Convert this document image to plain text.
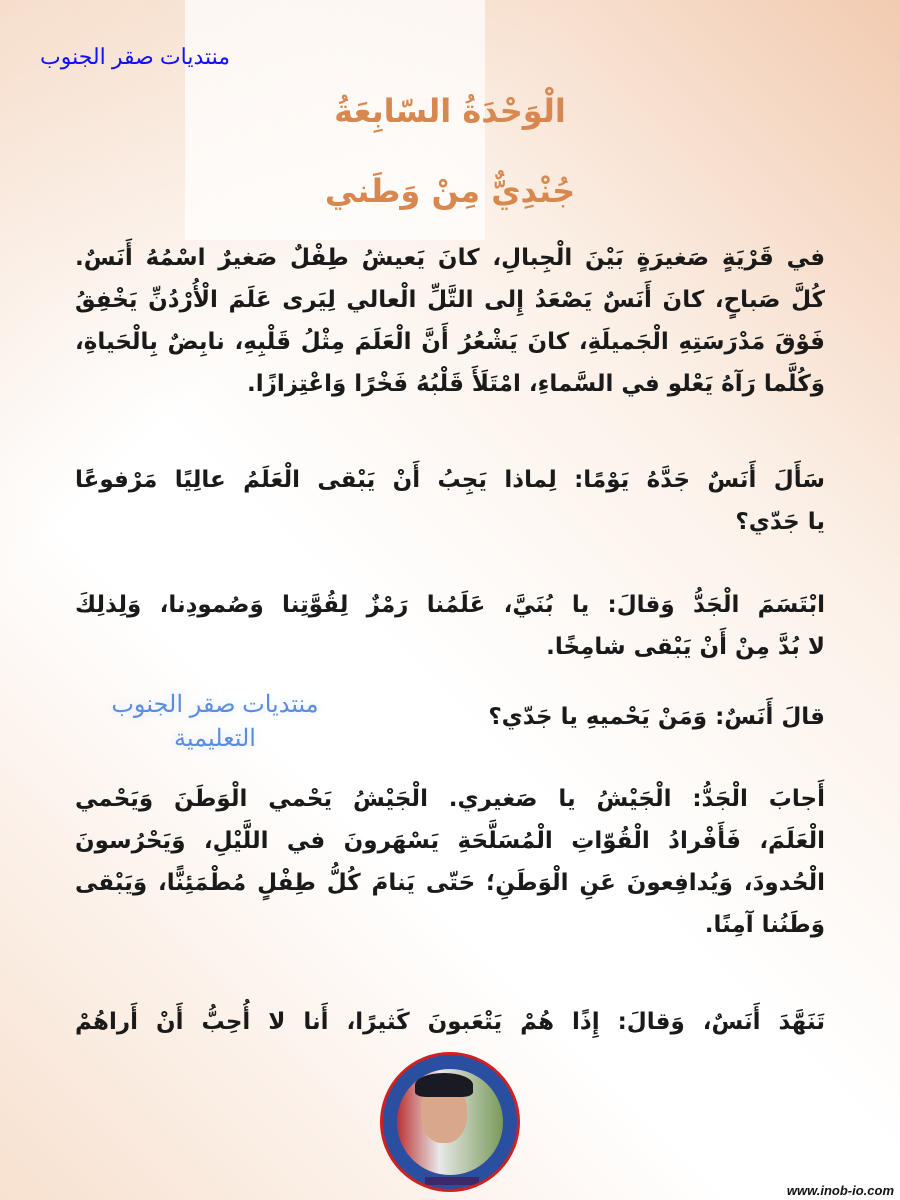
منتديات صقر الجنوب
الْوَحْدَةُ السّابِعَةُ
جُنْدِيٌّ مِنْ وَطَني
في قَرْيَةٍ صَغيرَةٍ بَيْنَ الْجِبالِ، كانَ يَعيشُ طِفْلٌ صَغيرٌ اسْمُهُ أَنَسٌ.
كُلَّ صَباحٍ، كانَ أَنَسٌ يَصْعَدُ إِلى التَّلِّ الْعالي لِيَرى عَلَمَ الْأُرْدُنِّ يَخْفِقُ
فَوْقَ مَدْرَسَتِهِ الْجَميلَةِ، كانَ يَشْعُرُ أَنَّ الْعَلَمَ مِثْلُ قَلْبِهِ، نابِضٌ بِالْحَياةِ،
وَكُلَّما رَآهُ يَعْلو في السَّماءِ، امْتَلَأَ قَلْبُهُ فَخْرًا وَاعْتِزازًا.
سَأَلَ أَنَسٌ جَدَّهُ يَوْمًا: لِماذا يَجِبُ أَنْ يَبْقى الْعَلَمُ عالِيًا مَرْفوعًا
يا جَدّي؟
ابْتَسَمَ الْجَدُّ وَقالَ: يا بُنَيَّ، عَلَمُنا رَمْزٌ لِقُوَّتِنا وَصُمودِنا، وَلِذلِكَ
لا بُدَّ مِنْ أَنْ يَبْقى شامِخًا.
منتديات صقر الجنوب
التعليمية
قالَ أَنَسٌ: وَمَنْ يَحْميهِ يا جَدّي؟
أَجابَ الْجَدُّ: الْجَيْشُ يا صَغيري. الْجَيْشُ يَحْمي الْوَطَنَ وَيَحْمي
الْعَلَمَ، فَأَفْرادُ الْقُوّاتِ الْمُسَلَّحَةِ يَسْهَرونَ في اللَّيْلِ، وَيَحْرُسونَ
الْحُدودَ، وَيُدافِعونَ عَنِ الْوَطَنِ؛ حَتّى يَنامَ كُلُّ طِفْلٍ مُطْمَئِنًّا، وَيَبْقى
وَطَنُنا آمِنًا.
تَنَهَّدَ أَنَسٌ، وَقالَ: إِذًا هُمْ يَتْعَبونَ كَثيرًا، أَنا لا أُحِبُّ أَنْ أَراهُمْ
www.inob-io.com
